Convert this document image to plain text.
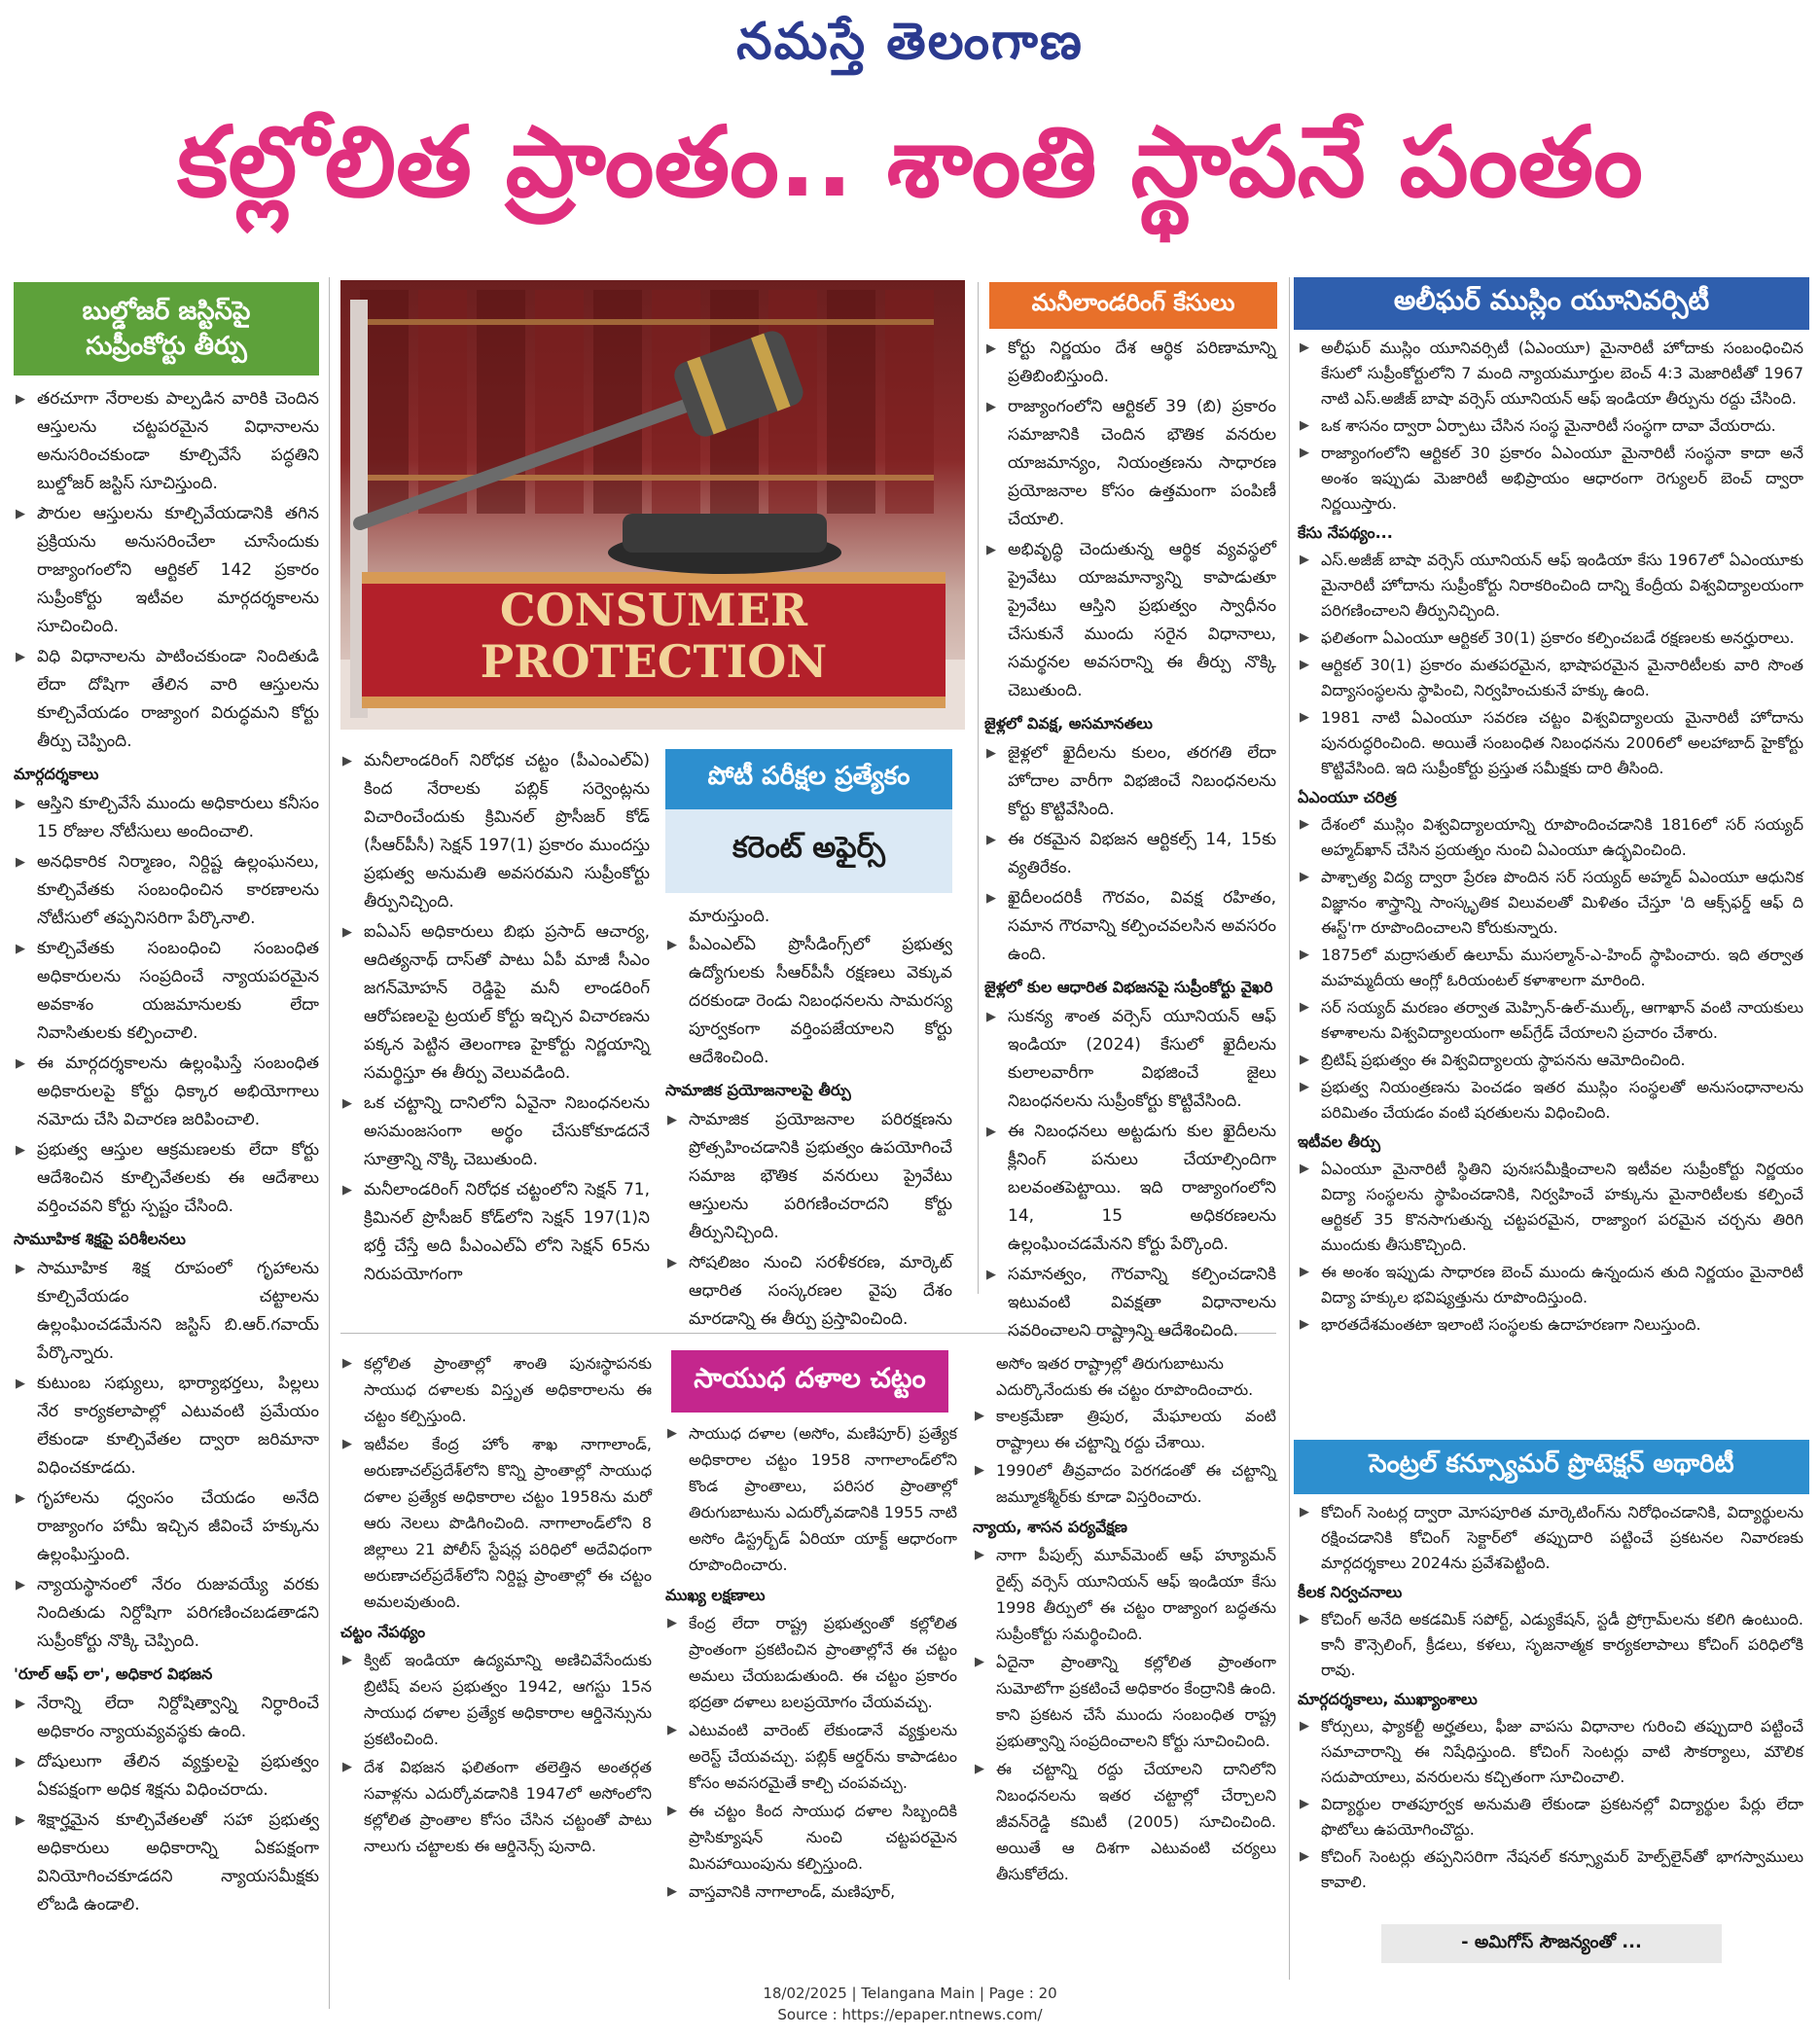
నమస్తే తెలంగాణ
కల్లోలిత ప్రాంతం.. శాంతి స్థాపనే పంతం
బుల్డోజర్ జస్టిస్‌పై
సుప్రీంకోర్టు తీర్పు

▶ తరచూగా నేరాలకు పాల్పడిన వారికి చెందిన ఆస్తులను చట్టపరమైన విధానాలను అనుసరించకుండా కూల్చివేసే పద్ధతిని బుల్డోజర్ జస్టిస్ సూచిస్తుంది.

▶ పౌరుల ఆస్తులను కూల్చివేయడానికి తగిన ప్రక్రియను అనుసరించేలా చూసేందుకు రాజ్యాంగంలోని ఆర్టికల్ 142 ప్రకారం సుప్రీంకోర్టు ఇటీవల మార్గదర్శకాలను సూచించింది.

▶ విధి విధానాలను పాటించకుండా నిందితుడి లేదా దోషిగా తేలిన వారి ఆస్తులను కూల్చివేయడం రాజ్యాంగ విరుద్ధమని కోర్టు తీర్పు చెప్పింది.

మార్గదర్శకాలు

▶ ఆస్తిని కూల్చివేసే ముందు అధికారులు కనీసం 15 రోజుల నోటీసులు అందించాలి.

▶ అనధికారిక నిర్మాణం, నిర్దిష్ట ఉల్లంఘనలు, కూల్చివేతకు సంబంధించిన కారణాలను నోటీసులో తప్పనిసరిగా పేర్కొనాలి.

▶ కూల్చివేతకు సంబంధించి సంబంధిత అధికారులను సంప్రదించే న్యాయపరమైన అవకాశం యజమానులకు లేదా నివాసితులకు కల్పించాలి.

▶ ఈ మార్గదర్శకాలను ఉల్లంఘిస్తే సంబంధిత అధికారులపై కోర్టు ధిక్కార అభియోగాలు నమోదు చేసి విచారణ జరిపించాలి.

▶ ప్రభుత్వ ఆస్తుల ఆక్రమణలకు లేదా కోర్టు ఆదేశించిన కూల్చివేతలకు ఈ ఆదేశాలు వర్తించవని కోర్టు స్పష్టం చేసింది.

సామూహిక శిక్షపై పరిశీలనలు

▶ సామూహిక శిక్ష రూపంలో గృహాలను కూల్చివేయడం చట్టాలను ఉల్లంఘించడమేనని జస్టిస్ బి.ఆర్.గవాయ్ పేర్కొన్నారు.

▶ కుటుంబ సభ్యులు, భార్యాభర్తలు, పిల్లలు నేర కార్యకలాపాల్లో ఎటువంటి ప్రమేయం లేకుండా కూల్చివేతల ద్వారా జరిమానా విధించకూడదు.

▶ గృహాలను ధ్వంసం చేయడం అనేది రాజ్యాంగం హామీ ఇచ్చిన జీవించే హక్కును ఉల్లంఘిస్తుంది.

▶ న్యాయస్థానంలో నేరం రుజువయ్యే వరకు నిందితుడు నిర్దోషిగా పరిగణించబడతాడని సుప్రీంకోర్టు నొక్కి చెప్పింది.

'రూల్ ఆఫ్ లా', అధికార విభజన

▶ నేరాన్ని లేదా నిర్దోషిత్వాన్ని నిర్ధారించే అధికారం న్యాయవ్యవస్థకు ఉంది.

▶ దోషులుగా తేలిన వ్యక్తులపై ప్రభుత్వం ఏకపక్షంగా అధిక శిక్షను విధించరాదు.

▶ శిక్షార్హమైన కూల్చివేతలతో సహా ప్రభుత్వ అధికారులు అధికారాన్ని ఏకపక్షంగా వినియోగించకూడదని న్యాయసమీక్షకు లోబడి ఉండాలి.

CONSUMER
PROTECTION

▶ మనీలాండరింగ్ నిరోధక చట్టం (పీఎంఎల్ఏ) కింద నేరాలకు పబ్లిక్ సర్వెంట్లను విచారించేందుకు క్రిమినల్ ప్రొసీజర్ కోడ్ (సీఆర్‌పీసీ) సెక్షన్ 197(1) ప్రకారం ముందస్తు ప్రభుత్వ అనుమతి అవసరమని సుప్రీంకోర్టు తీర్పునిచ్చింది.

▶ ఐఏఎస్ అధికారులు బిభు ప్రసాద్ ఆచార్య, ఆదిత్యనాథ్ దాస్‌తో పాటు ఏపీ మాజీ సీఎం జగన్‌మోహన్ రెడ్డిపై మనీ లాండరింగ్ ఆరోపణలపై ట్రయల్ కోర్టు ఇచ్చిన విచారణను పక్కన పెట్టిన తెలంగాణ హైకోర్టు నిర్ణయాన్ని సమర్థిస్తూ ఈ తీర్పు వెలువడింది.

▶ ఒక చట్టాన్ని దానిలోని ఏవైనా నిబంధనలను అసమంజసంగా అర్థం చేసుకోకూడదనే సూత్రాన్ని నొక్కి చెబుతుంది.

▶ మనీలాండరింగ్ నిరోధక చట్టంలోని సెక్షన్ 71, క్రిమినల్ ప్రొసీజర్ కోడ్‌లోని సెక్షన్ 197(1)ని భర్తీ చేస్తే అది పీఎంఎల్ఏ లోని సెక్షన్ 65ను నిరుపయోగంగా

పోటీ పరీక్షల ప్రత్యేకం
కరెంట్ అఫైర్స్
మారుస్తుంది.

▶ పీఎంఎల్ఏ ప్రొసీడింగ్స్‌లో ప్రభుత్వ ఉద్యోగులకు సీఆర్‌పీసీ రక్షణలు వెక్కువ దరకుండా రెండు నిబంధనలను సామరస్య పూర్వకంగా వర్తింపజేయాలని కోర్టు ఆదేశించింది.

సామాజిక ప్రయోజనాలపై తీర్పు

▶ సామాజిక ప్రయోజనాల పరిరక్షణను ప్రోత్సహించడానికి ప్రభుత్వం ఉపయోగించే సమాజ భౌతిక వనరులు ప్రైవేటు ఆస్తులను పరిగణించరాదని కోర్టు తీర్పునిచ్చింది.

▶ సోషలిజం నుంచి సరళీకరణ, మార్కెట్ ఆధారిత సంస్కరణల వైపు దేశం మారడాన్ని ఈ తీర్పు ప్రస్తావించింది.

మనీలాండరింగ్ కేసులు

▶ కోర్టు నిర్ణయం దేశ ఆర్థిక పరిణామాన్ని ప్రతిబింబిస్తుంది.

▶ రాజ్యాంగంలోని ఆర్టికల్ 39 (బి) ప్రకారం సమాజానికి చెందిన భౌతిక వనరుల యాజమాన్యం, నియంత్రణను సాధారణ ప్రయోజనాల కోసం ఉత్తమంగా పంపిణీ చేయాలి.

▶ అభివృద్ధి చెందుతున్న ఆర్థిక వ్యవస్థలో ప్రైవేటు యాజమాన్యాన్ని కాపాడుతూ ప్రైవేటు ఆస్తిని ప్రభుత్వం స్వాధీనం చేసుకునే ముందు సరైన విధానాలు, సమర్థనల అవసరాన్ని ఈ తీర్పు నొక్కి చెబుతుంది.

జైళ్లలో వివక్ష, అసమానతలు

▶ జైళ్లలో ఖైదీలను కులం, తరగతి లేదా హోదాల వారీగా విభజించే నిబంధనలను కోర్టు కొట్టివేసింది.

▶ ఈ రకమైన విభజన ఆర్టికల్స్ 14, 15కు వ్యతిరేకం.

▶ ఖైదీలందరికీ గౌరవం, వివక్ష రహితం, సమాన గౌరవాన్ని కల్పించవలసిన అవసరం ఉంది.

జైళ్లలో కుల ఆధారిత విభజనపై సుప్రీంకోర్టు వైఖరి

▶ సుకన్య శాంత వర్సెస్ యూనియన్ ఆఫ్ ఇండియా (2024) కేసులో ఖైదీలను కులాలవారీగా విభజించే జైలు నిబంధనలను సుప్రీంకోర్టు కొట్టివేసింది.

▶ ఈ నిబంధనలు అట్టడుగు కుల ఖైదీలను క్లీనింగ్ పనులు చేయాల్సిందిగా బలవంతపెట్టాయి. ఇది రాజ్యాంగంలోని 14, 15 అధికరణలను ఉల్లంఘించడమేనని కోర్టు పేర్కొంది.

▶ సమానత్వం, గౌరవాన్ని కల్పించడానికి ఇటువంటి వివక్షతా విధానాలను సవరించాలని రాష్ట్రాన్ని ఆదేశించింది.

అలీఘర్ ముస్లిం యూనివర్సిటీ

▶ అలీఘర్ ముస్లిం యూనివర్సిటీ (ఏఎంయూ) మైనారిటీ హోదాకు సంబంధించిన కేసులో సుప్రీంకోర్టులోని 7 మంది న్యాయమూర్తుల బెంచ్ 4:3 మెజారిటీతో 1967 నాటి ఎస్.అజీజ్ బాషా వర్సెస్ యూనియన్ ఆఫ్ ఇండియా తీర్పును రద్దు చేసింది.

▶ ఒక శాసనం ద్వారా ఏర్పాటు చేసిన సంస్థ మైనారిటీ సంస్థగా దావా వేయరాదు.

▶ రాజ్యాంగంలోని ఆర్టికల్ 30 ప్రకారం ఏఎంయూ మైనారిటీ సంస్థనా కాదా అనే అంశం ఇప్పుడు మెజారిటీ అభిప్రాయం ఆధారంగా రెగ్యులర్ బెంచ్ ద్వారా నిర్ణయిస్తారు.

కేసు నేపథ్యం...

▶ ఎస్.అజీజ్ బాషా వర్సెస్ యూనియన్ ఆఫ్ ఇండియా కేసు 1967లో ఏఎంయూకు మైనారిటీ హోదాను సుప్రీంకోర్టు నిరాకరించింది దాన్ని కేంద్రీయ విశ్వవిద్యాలయంగా పరిగణించాలని తీర్పునిచ్చింది.

▶ ఫలితంగా ఏఎంయూ ఆర్టికల్ 30(1) ప్రకారం కల్పించబడే రక్షణలకు అనర్హురాలు.

▶ ఆర్టికల్ 30(1) ప్రకారం మతపరమైన, భాషాపరమైన మైనారిటీలకు వారి సొంత విద్యాసంస్థలను స్థాపించి, నిర్వహించుకునే హక్కు ఉంది.

▶ 1981 నాటి ఏఎంయూ సవరణ చట్టం విశ్వవిద్యాలయ మైనారిటీ హోదాను పునరుద్ధరించింది. అయితే సంబంధిత నిబంధనను 2006లో అలహాబాద్ హైకోర్టు కొట్టివేసింది. ఇది సుప్రీంకోర్టు ప్రస్తుత సమీక్షకు దారి తీసింది.

ఏఎంయూ చరిత్ర

▶ దేశంలో ముస్లిం విశ్వవిద్యాలయాన్ని రూపొందించడానికి 1816లో సర్ సయ్యద్ అహ్మద్‌ఖాన్ చేసిన ప్రయత్నం నుంచి ఏఎంయూ ఉద్భవించింది.

▶ పాశ్చాత్య విద్య ద్వారా ప్రేరణ పొందిన సర్ సయ్యద్ అహ్మద్ ఏఎంయూ ఆధునిక విజ్ఞానం శాస్త్రాన్ని సాంస్కృతిక విలువలతో మిళితం చేస్తూ 'ది ఆక్స్‌ఫర్డ్ ఆఫ్ ది ఈస్ట్'గా రూపొందించాలని కోరుకున్నారు.

▶ 1875లో మద్రాసతుల్ ఉలూమ్ ముసల్మాన్-ఎ-హింద్ స్థాపించారు. ఇది తర్వాత మహమ్మదీయ ఆంగ్లో ఓరియంటల్ కళాశాలగా మారింది.

▶ సర్ సయ్యద్ మరణం తర్వాత మెహ్సిన్-ఉల్-ముల్క్, ఆగాఖాన్ వంటి నాయకులు కళాశాలను విశ్వవిద్యాలయంగా అప్‌గ్రేడ్ చేయాలని ప్రచారం చేశారు.

▶ బ్రిటిష్ ప్రభుత్వం ఈ విశ్వవిద్యాలయ స్థాపనను ఆమోదించింది.

▶ ప్రభుత్వ నియంత్రణను పెంచడం ఇతర ముస్లిం సంస్థలతో అనుసంధానాలను పరిమితం చేయడం వంటి షరతులను విధించింది.

ఇటీవల తీర్పు

▶ ఏఎంయూ మైనారిటీ స్థితిని పునఃసమీక్షించాలని ఇటీవల సుప్రీంకోర్టు నిర్ణయం విద్యా సంస్థలను స్థాపించడానికి, నిర్వహించే హక్కును మైనారిటీలకు కల్పించే ఆర్టికల్ 35 కొనసాగుతున్న చట్టపరమైన, రాజ్యాంగ పరమైన చర్చను తిరిగి ముందుకు తీసుకొచ్చింది.

▶ ఈ అంశం ఇప్పుడు సాధారణ బెంచ్ ముందు ఉన్నందున తుది నిర్ణయం మైనారిటీ విద్యా హక్కుల భవిష్యత్తును రూపొందిస్తుంది.

▶ భారతదేశమంతటా ఇలాంటి సంస్థలకు ఉదాహరణగా నిలుస్తుంది.

సాయుధ దళాల చట్టం

▶ కల్లోలిత ప్రాంతాల్లో శాంతి పునఃస్థాపనకు సాయుధ దళాలకు విస్తృత అధికారాలను ఈ చట్టం కల్పిస్తుంది.

▶ ఇటీవల కేంద్ర హోం శాఖ నాగాలాండ్, అరుణాచల్‌ప్రదేశ్‌లోని కొన్ని ప్రాంతాల్లో సాయుధ దళాల ప్రత్యేక అధికారాల చట్టం 1958ను మరో ఆరు నెలలు పొడిగించింది. నాగాలాండ్‌లోని 8 జిల్లాలు 21 పోలీస్ స్టేషన్ల పరిధిలో అదేవిధంగా అరుణాచల్‌ప్రదేశ్‌లోని నిర్దిష్ట ప్రాంతాల్లో ఈ చట్టం అమలవుతుంది.

చట్టం నేపథ్యం

▶ క్విట్ ఇండియా ఉద్యమాన్ని అణిచివేసేందుకు బ్రిటిష్ వలస ప్రభుత్వం 1942, ఆగస్టు 15న సాయుధ దళాల ప్రత్యేక అధికారాల ఆర్డినెన్సును ప్రకటించింది.

▶ దేశ విభజన ఫలితంగా తలెత్తిన అంతర్గత సవాళ్లను ఎదుర్కోవడానికి 1947లో అసోంలోని కల్లోలిత ప్రాంతాల కోసం చేసిన చట్టంతో పాటు నాలుగు చట్టాలకు ఈ ఆర్డినెన్స్ పునాది.

▶ సాయుధ దళాల (అసోం, మణిపూర్) ప్రత్యేక అధికారాల చట్టం 1958 నాగాలాండ్‌లోని కొండ ప్రాంతాలు, పరిసర ప్రాంతాల్లో తిరుగుబాటును ఎదుర్కోవడానికి 1955 నాటి అసోం డిస్ట్రర్బ్‌డ్ ఏరియా యాక్ట్ ఆధారంగా రూపొందించారు.

ముఖ్య లక్షణాలు

▶ కేంద్ర లేదా రాష్ట్ర ప్రభుత్వంతో కల్లోలిత ప్రాంతంగా ప్రకటించిన ప్రాంతాల్లోనే ఈ చట్టం అమలు చేయబడుతుంది. ఈ చట్టం ప్రకారం భద్రతా దళాలు బలప్రయోగం చేయవచ్చు.

▶ ఎటువంటి వారెంట్ లేకుండానే వ్యక్తులను అరెస్ట్ చేయవచ్చు. పబ్లిక్ ఆర్డర్‌ను కాపాడటం కోసం అవసరమైతే కాల్చి చంపవచ్చు.

▶ ఈ చట్టం కింద సాయుధ దళాల సిబ్బందికి ప్రాసిక్యూషన్ నుంచి చట్టపరమైన మినహాయింపును కల్పిస్తుంది.

▶ వాస్తవానికి నాగాలాండ్, మణిపూర్,

అసోం ఇతర రాష్ట్రాల్లో తిరుగుబాటును ఎదుర్కొనేందుకు ఈ చట్టం రూపొందించారు.

▶ కాలక్రమేణా త్రిపుర, మేఘాలయ వంటి రాష్ట్రాలు ఈ చట్టాన్ని రద్దు చేశాయి.

▶ 1990లో తీవ్రవాదం పెరగడంతో ఈ చట్టాన్ని జమ్మూకశ్మీర్‌కు కూడా విస్తరించారు.

న్యాయ, శాసన పర్యవేక్షణ

▶ నాగా పీపుల్స్ మూవ్‌మెంట్ ఆఫ్ హ్యూమన్ రైట్స్ వర్సెస్ యూనియన్ ఆఫ్ ఇండియా కేసు 1998 తీర్పులో ఈ చట్టం రాజ్యాంగ బద్ధతను సుప్రీంకోర్టు సమర్థించింది.

▶ ఏదైనా ప్రాంతాన్ని కల్లోలిత ప్రాంతంగా సుమోటోగా ప్రకటించే అధికారం కేంద్రానికి ఉంది. కాని ప్రకటన చేసే ముందు సంబంధిత రాష్ట్ర ప్రభుత్వాన్ని సంప్రదించాలని కోర్టు సూచించింది.

▶ ఈ చట్టాన్ని రద్దు చేయాలని దానిలోని నిబంధనలను ఇతర చట్టాల్లో చేర్చాలని జీవన్‌రెడ్డి కమిటీ (2005) సూచించింది. అయితే ఆ దిశగా ఎటువంటి చర్యలు తీసుకోలేదు.

సెంట్రల్ కన్స్యూమర్ ప్రొటెక్షన్ అథారిటీ

▶ కోచింగ్ సెంటర్ల ద్వారా మోసపూరిత మార్కెటింగ్‌ను నిరోధించడానికి, విద్యార్థులను రక్షించడానికి కోచింగ్ సెక్టార్‌లో తప్పుదారి పట్టించే ప్రకటనల నివారణకు మార్గదర్శకాలు 2024ను ప్రవేశపెట్టింది.

కీలక నిర్వచనాలు

▶ కోచింగ్ అనేది అకడమిక్ సపోర్ట్, ఎడ్యుకేషన్, స్టడీ ప్రోగ్రామ్‌లను కలిగి ఉంటుంది. కానీ కౌన్సెలింగ్, క్రీడలు, కళలు, సృజనాత్మక కార్యకలాపాలు కోచింగ్ పరిధిలోకి రావు.

మార్గదర్శకాలు, ముఖ్యాంశాలు

▶ కోర్సులు, ఫ్యాకల్టీ అర్హతలు, ఫీజు వాపసు విధానాల గురించి తప్పుదారి పట్టించే సమాచారాన్ని ఈ నిషేధిస్తుంది. కోచింగ్ సెంటర్లు వాటి సౌకర్యాలు, మౌలిక సదుపాయాలు, వనరులను కచ్చితంగా సూచించాలి.

▶ విద్యార్థుల రాతపూర్వక అనుమతి లేకుండా ప్రకటనల్లో విద్యార్థుల పేర్లు లేదా ఫొటోలు ఉపయోగించొద్దు.

▶ కోచింగ్ సెంటర్లు తప్పనిసరిగా నేషనల్ కన్స్యూమర్ హెల్ప్‌లైన్‌తో భాగస్వాములు కావాలి.

- అమిగోస్ సౌజన్యంతో ...
18/02/2025 | Telangana Main | Page : 20
Source : https://epaper.ntnews.com/
